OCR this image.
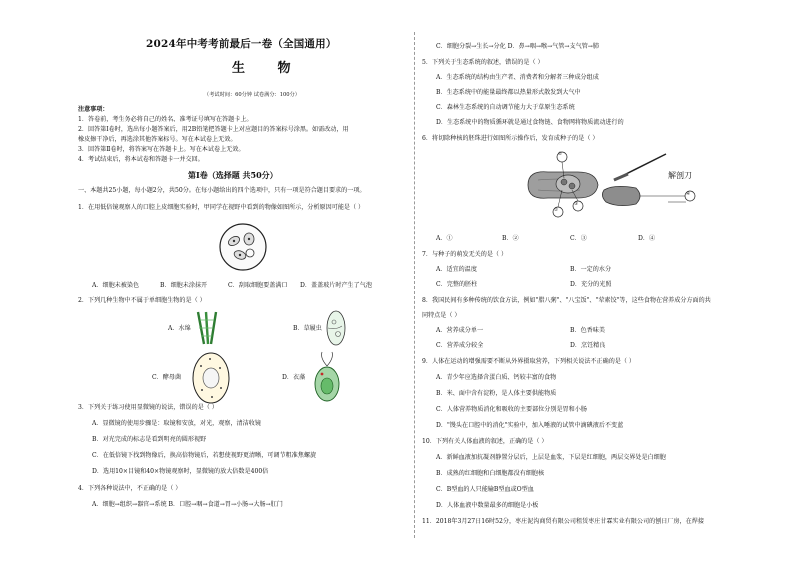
2024年中考考前最后一卷（全国通用）
生 物
（考试时间：60分钟 试卷满分：100分）
注意事项：
1．答卷前，考生务必将自己的姓名、准考证号填写在答题卡上。
2．回答第Ⅰ卷时，选出每小题答案后，用2B铅笔把答题卡上对应题目的答案标号涂黑。如需改动，用
橡皮擦干净后，再选涂其他答案标号。写在本试卷上无效。
3．回答第Ⅱ卷时，将答案写在答题卡上。写在本试卷上无效。
4．考试结束后，将本试卷和答题卡一并交回。
第Ⅰ卷（选择题 共50分）
一、本题共25小题，每小题2分，共50分。在每小题给出的四个选项中，只有一项是符合题目要求的一项。
1．在用低倍镜观察人的口腔上皮细胞实验时，甲同学在视野中看到的物像如图所示，分析原因可能是（ ）
A．细胞未被染色	B．细胞未涂抹开	C．刮取细胞要盖满口 D．盖盖玻片时产生了气泡
2．下列几种生物中不属于单细胞生物的是（ ）
A．水绵	B．草履虫
C．酵母菌	D．衣藻
3．下列关于练习使用显微镜的说法，错误的是（ ）
A．显微镜的使用步骤是：取镜和安放，对光，观察，清洁收镜
B．对光完成的标志是看到明亮的圆形视野
C．在低倍镜下找到物像后，换高倍物镜后，若想使视野更清晰，可调节粗准焦螺旋
D．选用10×目镜和40×物镜观察时，显微镜的放大倍数是400倍
4．下列各种说法中，不正确的是（ ）
A．细胞→组织→器官→系统 B．口腔→咽→食道→胃→小肠→大肠→肛门
C．细胞分裂→生长→分化 D．鼻→咽→喉→气管→支气管→肺
5．下列关于生态系统的叙述，错误的是（ ）
A．生态系统的结构由生产者、消费者和分解者三种成分组成
B．生态系统中的能量最终都以热量形式散发到大气中
C．森林生态系统的自动调节能力大于草原生态系统
D．生态系统中的物质循环就是通过食物链、食物网将物质流动进行的
6．将切除种核的胚珠进行如图所示操作后，发育成种子的是（ ）
①
②
③
④
解剖刀
A．①	B．②	C．③	D．④
7．与种子的萌发无关的是（ ）
A．适宜的温度	B．一定的水分
C．完整的胚柱	D．充分的光照
8．我国民间有多种传统的饮食方法，例如"腊八粥"、"八宝饭"、"荤素饺"等，这些食物在营养成分方面的共
同特点是（ ）
A．营养成分单一	B．色香味美
C．营养成分较全	D．烹饪精良
9．人体在运动的增强需要不断从外界摄取营养，下列相关说法不正确的是（ ）
A．青少年应选择含蛋白质、钙较丰富的食物
B．米、面中含有淀粉，是人体主要供能物质
C．人体营养物质消化和吸收的主要部位分别是胃和小肠
D．"馒头在口腔中的消化"实验中，加入唾液的试管中滴碘液后不变蓝
10．下列有关人体血液的叙述，正确的是（ ）
A．新鲜血液加抗凝剂静置分层后，上层是血浆，下层是红细胞，两层交界处是白细胞
B．成熟的红细胞和白细胞都没有细胞核
C．B型血的人只能输B型血或O型血
D．人体血液中数量最多的细胞是小板
11．2018年3月27日16时52分，枣庄泥沟商贸有限公司租赁枣庄甘霖实业有限公司的刨日厂房，在焊接
